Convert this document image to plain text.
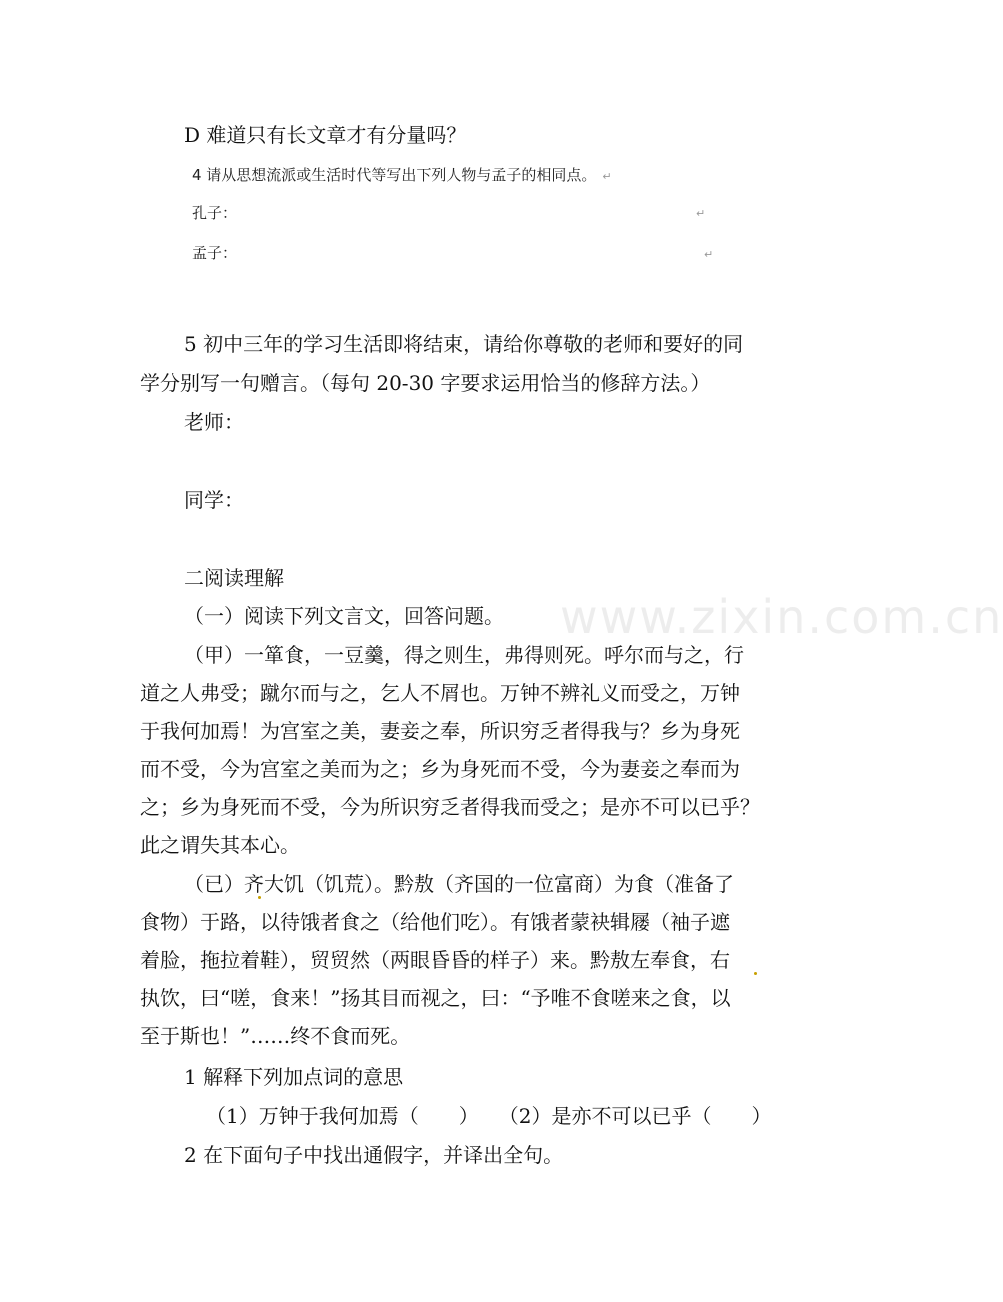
4 请从思想流派或生活时代等写出下列人物与孟子的相同点。 ↵
孔子：	↵
孟子：	↵
D 难道只有长文章才有分量吗？
5 初中三年的学习生活即将结束，请给你尊敬的老师和要好的同
学分别写一句赠言。（每句 20-30 字要求运用恰当的修辞方法。）
老师：
同学：
二阅读理解
（一）阅读下列文言文，回答问题。
（甲）一箪食，一豆羹，得之则生，弗得则死。呼尔而与之，行
道之人弗受；蹴尔而与之，乞人不屑也。万钟不辨礼义而受之，万钟
于我何加焉！为宫室之美，妻妾之奉，所识穷乏者得我与？乡为身死
而不受，今为宫室之美而为之；乡为身死而不受，今为妻妾之奉而为
之；乡为身死而不受，今为所识穷乏者得我而受之；是亦不可以已乎？
此之谓失其本心。
（已）齐大饥（饥荒）。黔敖（齐国的一位富商）为食（准备了
食物）于路，以待饿者食之（给他们吃）。有饿者蒙袂辑屦（袖子遮
着脸，拖拉着鞋），贸贸然（两眼昏昏的样子）来。黔敖左奉食，右
执饮，曰“嗟，食来！”扬其目而视之，曰：“予唯不食嗟来之食，以
至于斯也！”……终不食而死。
1 解释下列加点词的意思
（1）万钟于我何加焉（　　）　　（2）是亦不可以已乎（　　）
2 在下面句子中找出通假字，并译出全句。
www.zixin.com.cn
